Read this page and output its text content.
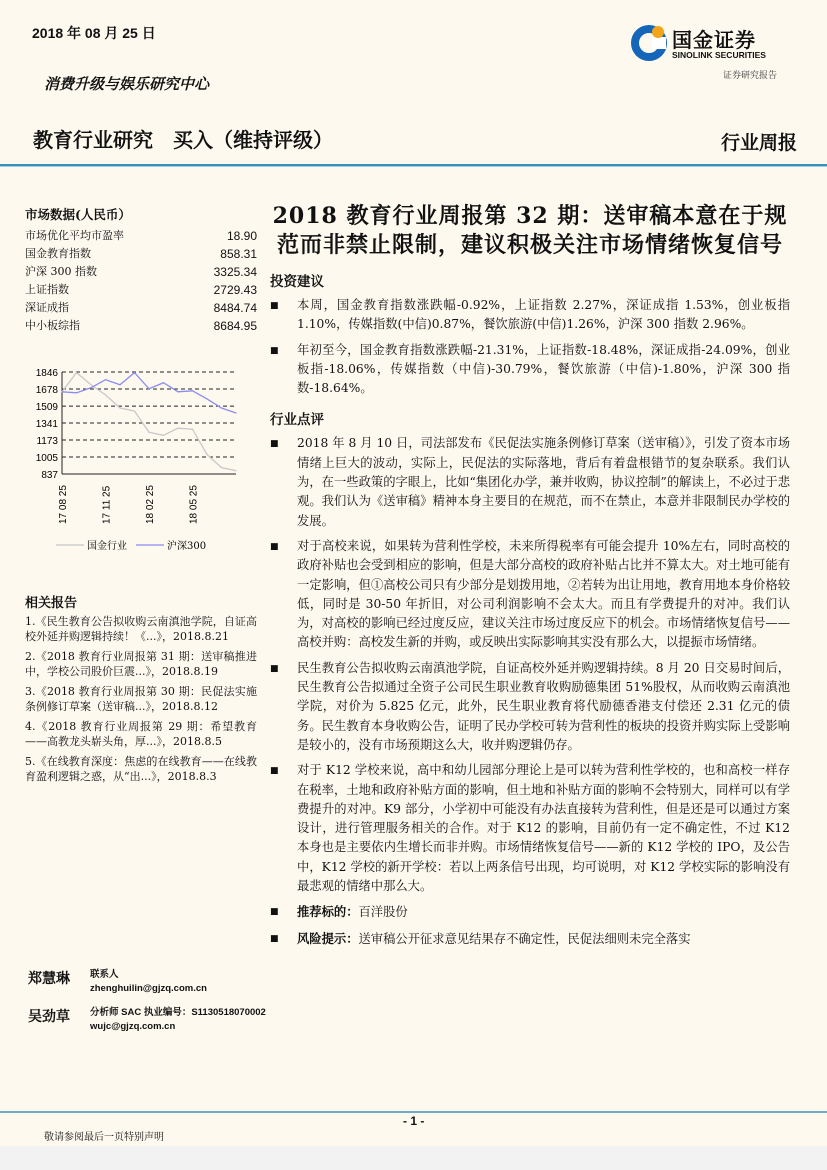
2018 年 08 月 25 日
消费升级与娱乐研究中心
教育行业研究　买入（维持评级）	行业周报
国金证券
SINOLINK SECURITIES
证券研究报告
市场数据(人民币）
市场优化平均市盈率	18.90
国金教育指数	858.31
沪深 300 指数	3325.34
上证指数	2729.43
深证成指	8484.74
中小板综指	8684.95
1846
1678
1509
1341
1173
1005
837
17 08 25	17 11 25	18 02 25	18 05 25
国金行业	沪深300
相关报告

1.《民生教育公告拟收购云南滇池学院，自证高校外延并购逻辑持续！《...》，2018.8.21

2.《2018 教育行业周报第 31 期：送审稿推进中，学校公司股价巨震...》，2018.8.19

3.《2018 教育行业周报第 30 期：民促法实施条例修订草案（送审稿...》，2018.8.12

4.《2018 教育行业周报第 29 期：希望教育——高教龙头崭头角，厚...》，2018.8.5

5.《在线教育深度：焦虑的在线教育——在线教育盈利逻辑之惑，从“出...》，2018.8.3

郑慧琳	联系人
zhenghuilin@gjzq.com.cn
吴劲草	分析师 SAC 执业编号：S1130518070002
wujc@gjzq.com.cn
2018 教育行业周报第 32 期：送审稿本意在于规范而非禁止限制，建议积极关注市场情绪恢复信号
投资建议
■	本周，国金教育指数涨跌幅-0.92%，上证指数 2.27%，深证成指 1.53%，创业板指 1.10%，传媒指数(中信)0.87%，餐饮旅游(中信)1.26%，沪深 300 指数 2.96%。
■	年初至今，国金教育指数涨跌幅-21.31%，上证指数-18.48%，深证成指-24.09%，创业板指-18.06%，传媒指数（中信)-30.79%，餐饮旅游（中信)-1.80%，沪深 300 指数-18.64%。
行业点评
■	2018 年 8 月 10 日，司法部发布《民促法实施条例修订草案（送审稿）》，引发了资本市场情绪上巨大的波动，实际上，民促法的实际落地，背后有着盘根错节的复杂联系。我们认为，在一些政策的字眼上，比如“集团化办学，兼并收购，协议控制”的解读上，不必过于悲观。我们认为《送审稿》精神本身主要目的在规范，而不在禁止，本意并非限制民办学校的发展。
■	对于高校来说，如果转为营利性学校，未来所得税率有可能会提升 10%左右，同时高校的政府补贴也会受到相应的影响，但是大部分高校的政府补贴占比并不算太大。对土地可能有一定影响，但①高校公司只有少部分是划拨用地，②若转为出让用地，教育用地本身价格较低，同时是 30-50 年折旧，对公司利润影响不会太大。而且有学费提升的对冲。我们认为，对高校的影响已经过度反应，建议关注市场过度反应下的机会。市场情绪恢复信号——高校并购：高校发生新的并购，或反映出实际影响其实没有那么大，以提振市场情绪。
■	民生教育公告拟收购云南滇池学院，自证高校外延并购逻辑持续。8 月 20 日交易时间后，民生教育公告拟通过全资子公司民生职业教育收购励德集团 51%股权，从而收购云南滇池学院，对价为 5.825 亿元，此外，民生职业教育将代励德香港支付偿还 2.31 亿元的债务。民生教育本身收购公告，证明了民办学校可转为营利性的板块的投资并购实际上受影响是较小的，没有市场预期这么大，收并购逻辑仍存。
■	对于 K12 学校来说，高中和幼儿园部分理论上是可以转为营利性学校的，也和高校一样存在税率，土地和政府补贴方面的影响，但土地和补贴方面的影响不会特别大，同样可以有学费提升的对冲。K9 部分，小学初中可能没有办法直接转为营利性，但是还是可以通过方案设计，进行管理服务相关的合作。对于 K12 的影响，目前仍有一定不确定性，不过 K12 本身也是主要依内生增长而非并购。市场情绪恢复信号——新的 K12 学校的 IPO，及公告中，K12 学校的新开学校：若以上两条信号出现，均可说明，对 K12 学校实际的影响没有最悲观的情绪中那么大。
■	推荐标的：百洋股份
■	风险提示：送审稿公开征求意见结果存不确定性，民促法细则未完全落实
- 1 -
敬请参阅最后一页特别声明
